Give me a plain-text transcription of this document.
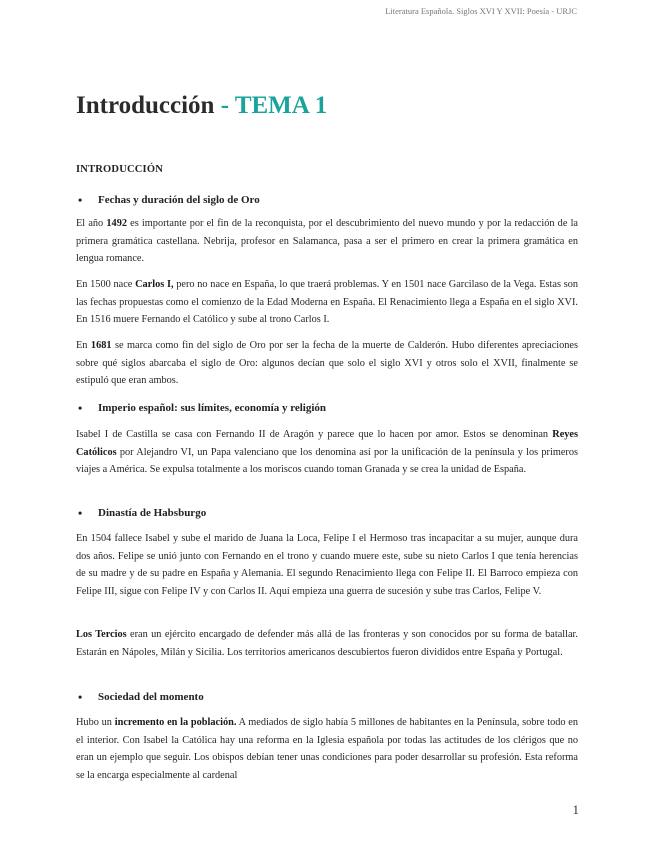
Literatura Española. Siglos XVI Y XVII: Poesía - URJC
Introducción - TEMA 1

INTRODUCCIÓN

• Fechas y duración del siglo de Oro

El año 1492 es importante por el fin de la reconquista, por el descubrimiento del nuevo mundo y por la redacción de la primera gramática castellana. Nebrija, profesor en Salamanca, pasa a ser el primero en crear la primera gramática en lengua romance.

En 1500 nace Carlos I, pero no nace en España, lo que traerá problemas. Y en 1501 nace Garcilaso de la Vega. Estas son las fechas propuestas como el comienzo de la Edad Moderna en España. El Renacimiento llega a España en el siglo XVI. En 1516 muere Fernando el Católico y sube al trono Carlos I.

En 1681 se marca como fin del siglo de Oro por ser la fecha de la muerte de Calderón. Hubo diferentes apreciaciones sobre qué siglos abarcaba el siglo de Oro: algunos decían que solo el siglo XVI y otros solo el XVII, finalmente se estipuló que eran ambos.

• Imperio español: sus límites, economía y religión

Isabel I de Castilla se casa con Fernando II de Aragón y parece que lo hacen por amor. Estos se denominan Reyes Católicos por Alejandro VI, un Papa valenciano que los denomina así por la unificación de la península y los primeros viajes a América. Se expulsa totalmente a los moriscos cuando toman Granada y se crea la unidad de España.

• Dinastía de Habsburgo

En 1504 fallece Isabel y sube el marido de Juana la Loca, Felipe I el Hermoso tras incapacitar a su mujer, aunque dura dos años. Felipe se unió junto con Fernando en el trono y cuando muere este, sube su nieto Carlos I que tenía herencias de su madre y de su padre en España y Alemania. El segundo Renacimiento llega con Felipe II. El Barroco empieza con Felipe III, sigue con Felipe IV y con Carlos II. Aquí empieza una guerra de sucesión y sube tras Carlos, Felipe V.

Los Tercios eran un ejército encargado de defender más allá de las fronteras y son conocidos por su forma de batallar. Estarán en Nápoles, Milán y Sicilia. Los territorios americanos descubiertos fueron divididos entre España y Portugal.

• Sociedad del momento

Hubo un incremento en la población. A mediados de siglo había 5 millones de habitantes en la Península, sobre todo en el interior. Con Isabel la Católica hay una reforma en la Iglesia española por todas las actitudes de los clérigos que no eran un ejemplo que seguir. Los obispos debían tener unas condiciones para poder desarrollar su profesión. Esta reforma se la encarga especialmente al cardenal

1
